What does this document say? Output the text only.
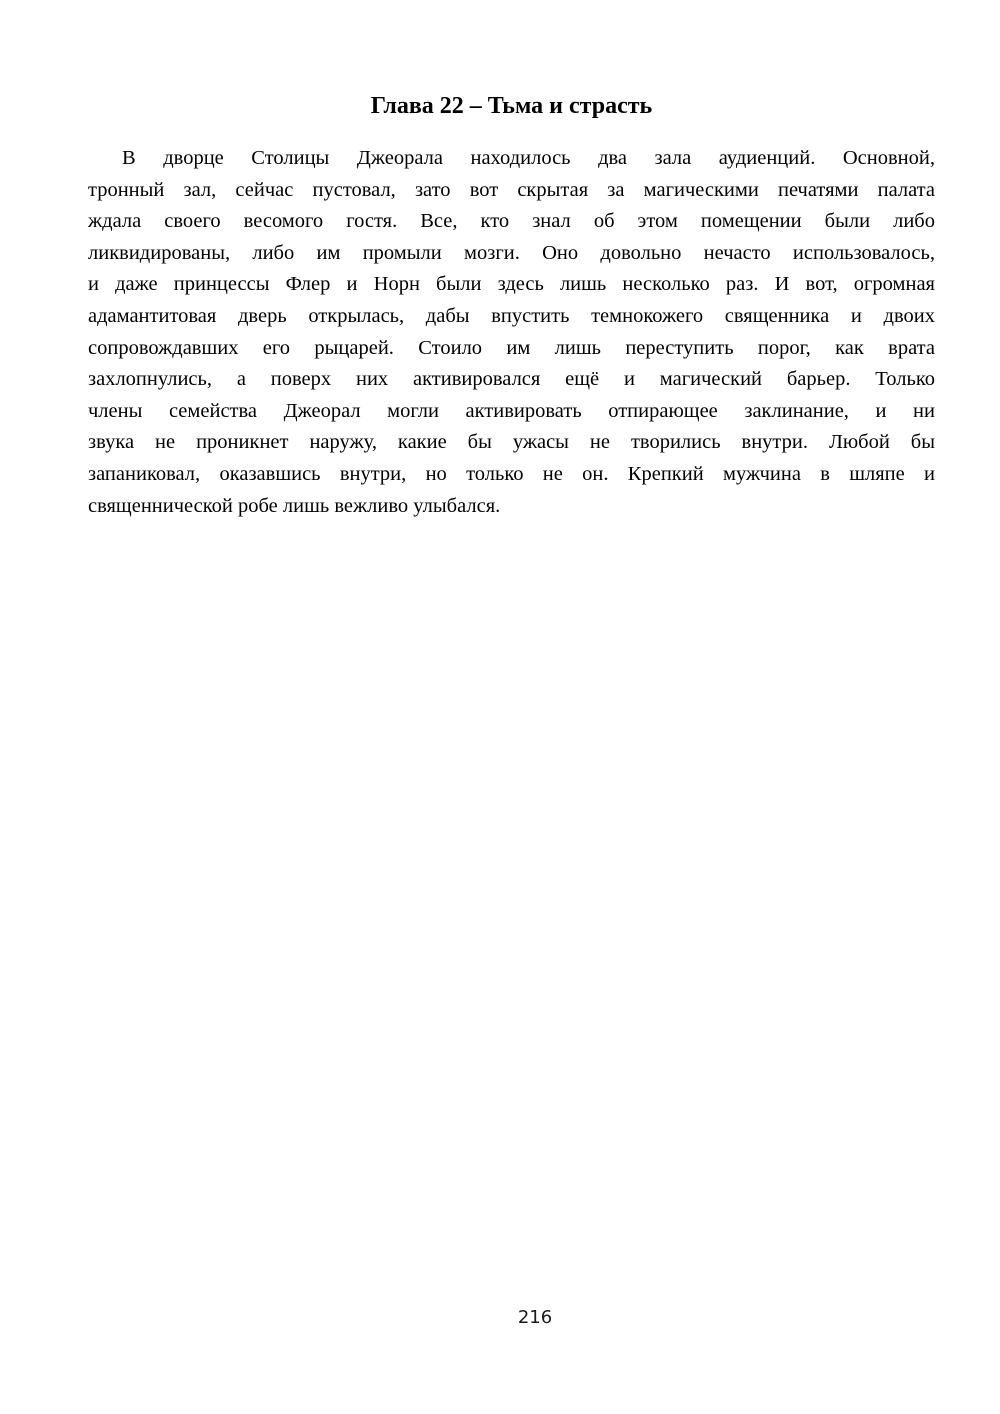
Глава 22 – Тьма и страсть
В дворце Столицы Джеорала находилось два зала аудиенций. Основной,
тронный зал, сейчас пустовал, зато вот скрытая за магическими печатями палата
ждала своего весомого гостя. Все, кто знал об этом помещении были либо
ликвидированы, либо им промыли мозги. Оно довольно нечасто использовалось,
и даже принцессы Флер и Норн были здесь лишь несколько раз. И вот, огромная
адамантитовая дверь открылась, дабы впустить темнокожего священника и двоих
сопровождавших его рыцарей. Стоило им лишь переступить порог, как врата
захлопнулись, а поверх них активировался ещё и магический барьер. Только
члены семейства Джеорал могли активировать отпирающее заклинание, и ни
звука не проникнет наружу, какие бы ужасы не творились внутри. Любой бы
запаниковал, оказавшись внутри, но только не он. Крепкий мужчина в шляпе и
священнической робе лишь вежливо улыбался.
216
